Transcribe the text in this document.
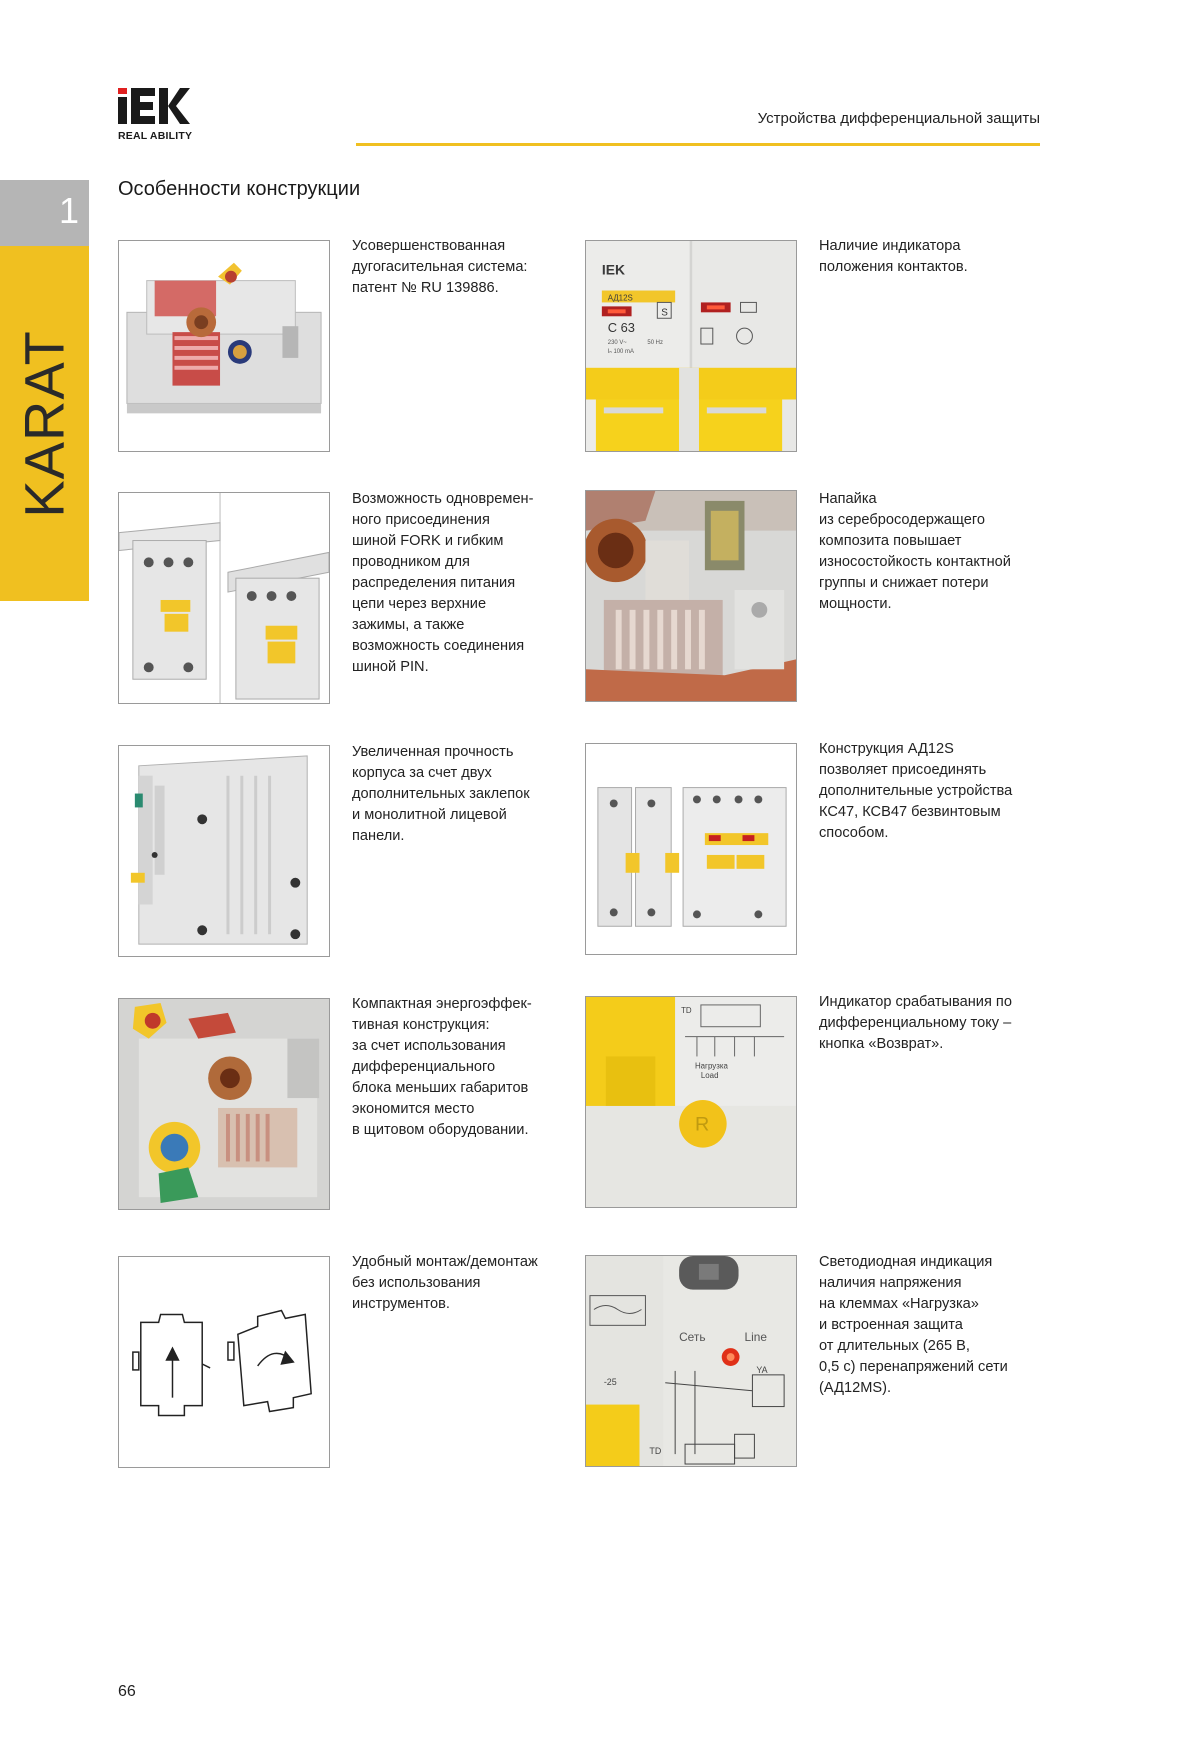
REAL ABILITY
Устройства дифференциальной защиты
1
KARAT
Особенности конструкции
Усовершенствованная
дугогасительная система:
патент № RU 139886.
IEK
АД12S
S
C 63
230 V~	50 Hz
Iₙ 100 mA
Наличие индикатора
положения контактов.
Возможность одновремен-
ного присоединения
шиной FORK и гибким
проводником для
распределения питания
цепи через верхние
зажимы, а также
возможность соединения
шиной PIN.
Напайка
из серебросодержащего
композита повышает
износостойкость контактной
группы и снижает потери
мощности.
Увеличенная прочность
корпуса за счет двух
дополнительных заклепок
и монолитной лицевой
панели.
Конструкция АД12S
позволяет присоединять
дополнительные устройства
КС47, КСВ47 безвинтовым
способом.
Компактная энергоэффек-
тивная конструкция:
за счет использования
дифференциального
блока меньших габаритов
экономится место
в щитовом оборудовании.
TD
Нагрузка
Load
R
Индикатор срабатывания по
дифференциальному току –
кнопка «Возврат».
Удобный монтаж/демонтаж
без использования
инструментов.
Сеть	Line
-25
YA
TD
Светодиодная индикация
наличия напряжения
на клеммах «Нагрузка»
и встроенная защита
от длительных (265 В,
0,5 с) перенапряжений сети
(АД12MS).
66
